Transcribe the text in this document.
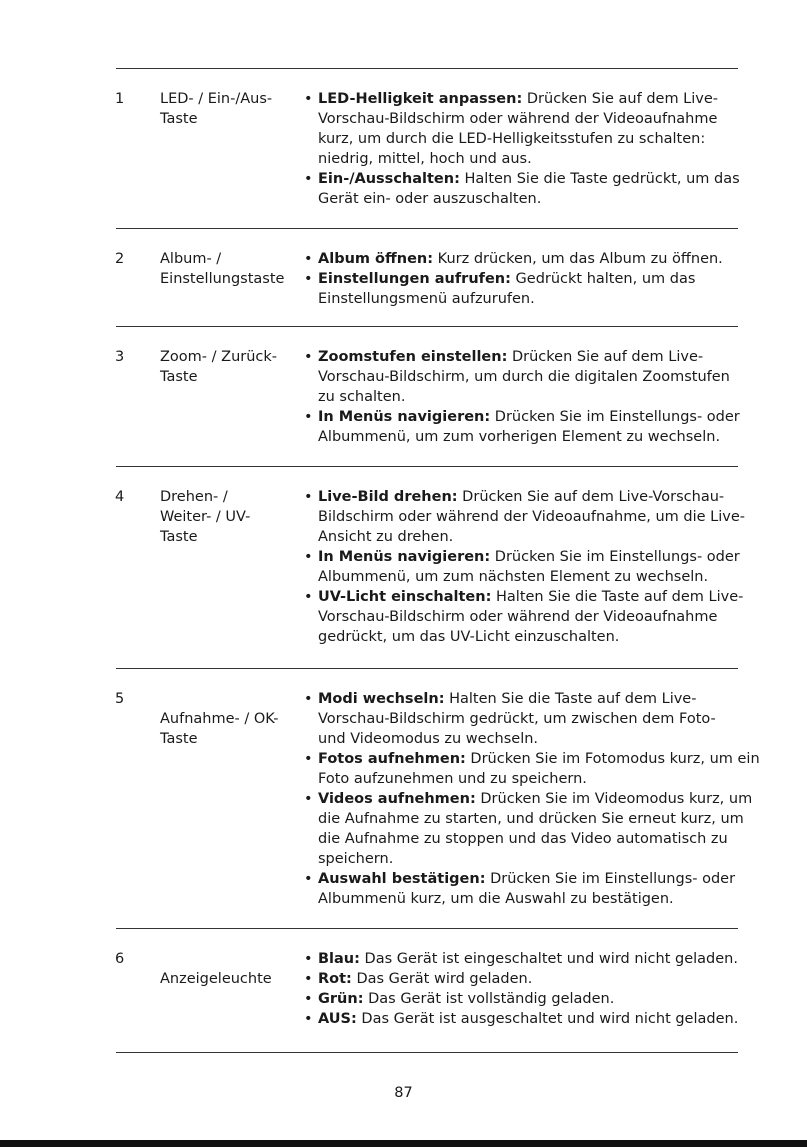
1 LED- / Ein-/Aus-
Taste
• LED-Helligkeit anpassen: Drücken Sie auf dem Live-
Vorschau-Bildschirm oder während der Videoaufnahme
kurz, um durch die LED-Helligkeitsstufen zu schalten:
niedrig, mittel, hoch und aus.
• Ein-/Ausschalten: Halten Sie die Taste gedrückt, um das
Gerät ein- oder auszuschalten.
2 Album- /
Einstellungstaste
• Album öffnen: Kurz drücken, um das Album zu öffnen.
• Einstellungen aufrufen: Gedrückt halten, um das
Einstellungsmenü aufzurufen.
3 Zoom- / Zurück-
Taste
• Zoomstufen einstellen: Drücken Sie auf dem Live-
Vorschau-Bildschirm, um durch die digitalen Zoomstufen
zu schalten.
• In Menüs navigieren: Drücken Sie im Einstellungs- oder
Albummenü, um zum vorherigen Element zu wechseln.
4 Drehen- /
Weiter- / UV-
Taste
• Live-Bild drehen: Drücken Sie auf dem Live-Vorschau-
Bildschirm oder während der Videoaufnahme, um die Live-
Ansicht zu drehen.
• In Menüs navigieren: Drücken Sie im Einstellungs- oder
Albummenü, um zum nächsten Element zu wechseln.
• UV-Licht einschalten: Halten Sie die Taste auf dem Live-
Vorschau-Bildschirm oder während der Videoaufnahme
gedrückt, um das UV-Licht einzuschalten.
5
Aufnahme- / OK-
Taste
• Modi wechseln: Halten Sie die Taste auf dem Live-
Vorschau-Bildschirm gedrückt, um zwischen dem Foto-
und Videomodus zu wechseln.
• Fotos aufnehmen: Drücken Sie im Fotomodus kurz, um ein
Foto aufzunehmen und zu speichern.
• Videos aufnehmen: Drücken Sie im Videomodus kurz, um
die Aufnahme zu starten, und drücken Sie erneut kurz, um
die Aufnahme zu stoppen und das Video automatisch zu
speichern.
• Auswahl bestätigen: Drücken Sie im Einstellungs- oder
Albummenü kurz, um die Auswahl zu bestätigen.
6
Anzeigeleuchte
• Blau: Das Gerät ist eingeschaltet und wird nicht geladen.
• Rot: Das Gerät wird geladen.
• Grün: Das Gerät ist vollständig geladen.
• AUS: Das Gerät ist ausgeschaltet und wird nicht geladen.
87
